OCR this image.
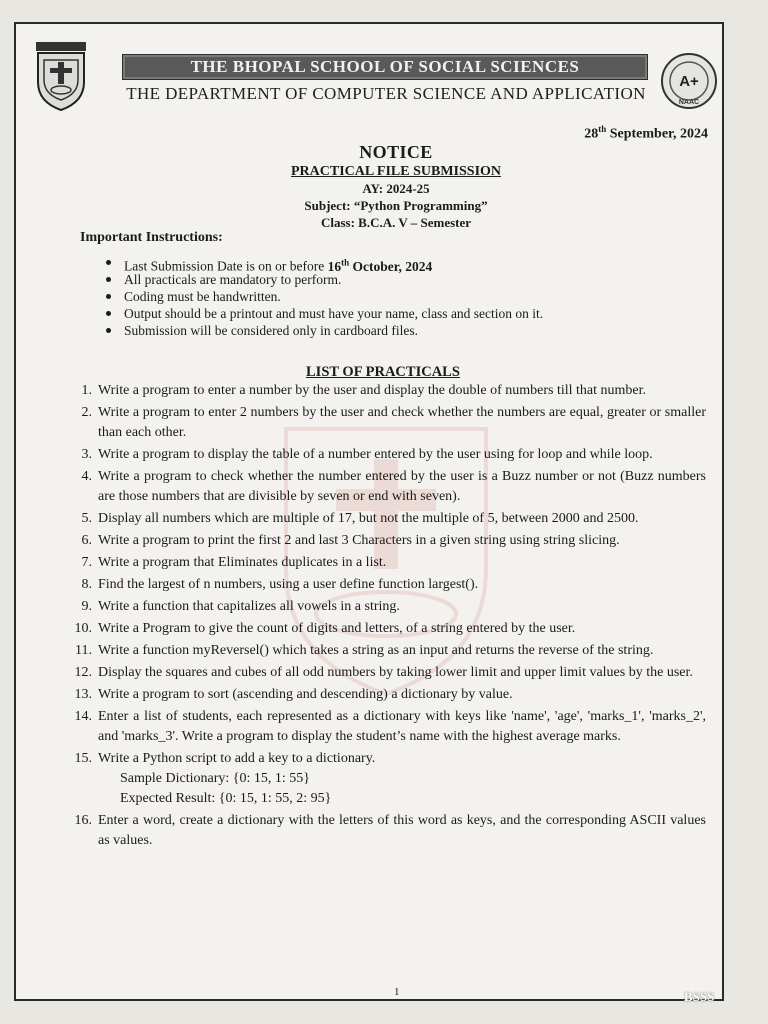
THE BHOPAL SCHOOL OF SOCIAL SCIENCES
THE DEPARTMENT OF COMPUTER SCIENCE AND APPLICATION
A+
NAAC
28th September, 2024
NOTICE
PRACTICAL FILE SUBMISSION
AY: 2024-25
Subject: “Python Programming”
Class: B.C.A. V – Semester
Important Instructions:
Last Submission Date is on or before 16th October, 2024
All practicals are mandatory to perform.
Coding must be handwritten.
Output should be a printout and must have your name, class and section on it.
Submission will be considered only in cardboard files.
LIST OF PRACTICALS
1. Write a program to enter a number by the user and display the double of numbers till that number.
2. Write a program to enter 2 numbers by the user and check whether the numbers are equal, greater or smaller than each other.
3. Write a program to display the table of a number entered by the user using for loop and while loop.
4. Write a program to check whether the number entered by the user is a Buzz number or not (Buzz numbers are those numbers that are divisible by seven or end with seven).
5. Display all numbers which are multiple of 17, but not the multiple of 5, between 2000 and 2500.
6. Write a program to print the first 2 and last 3 Characters in a given string using string slicing.
7. Write a program that Eliminates duplicates in a list.
8. Find the largest of n numbers, using a user define function largest().
9. Write a function that capitalizes all vowels in a string.
10. Write a Program to give the count of digits and letters, of a string entered by the user.
11. Write a function myReversel() which takes a string as an input and returns the reverse of the string.
12. Display the squares and cubes of all odd numbers by taking lower limit and upper limit values by the user.
13. Write a program to sort (ascending and descending) a dictionary by value.
14. Enter a list of students, each represented as a dictionary with keys like 'name', 'age', 'marks_1', 'marks_2', and 'marks_3'. Write a program to display the student’s name with the highest average marks.
15. Write a Python script to add a key to a dictionary.
Sample Dictionary: {0: 15, 1: 55}
Expected Result: {0: 15, 1: 55, 2: 95}
16. Enter a word, create a dictionary with the letters of this word as keys, and the corresponding ASCII values as values.
1	BSSS
